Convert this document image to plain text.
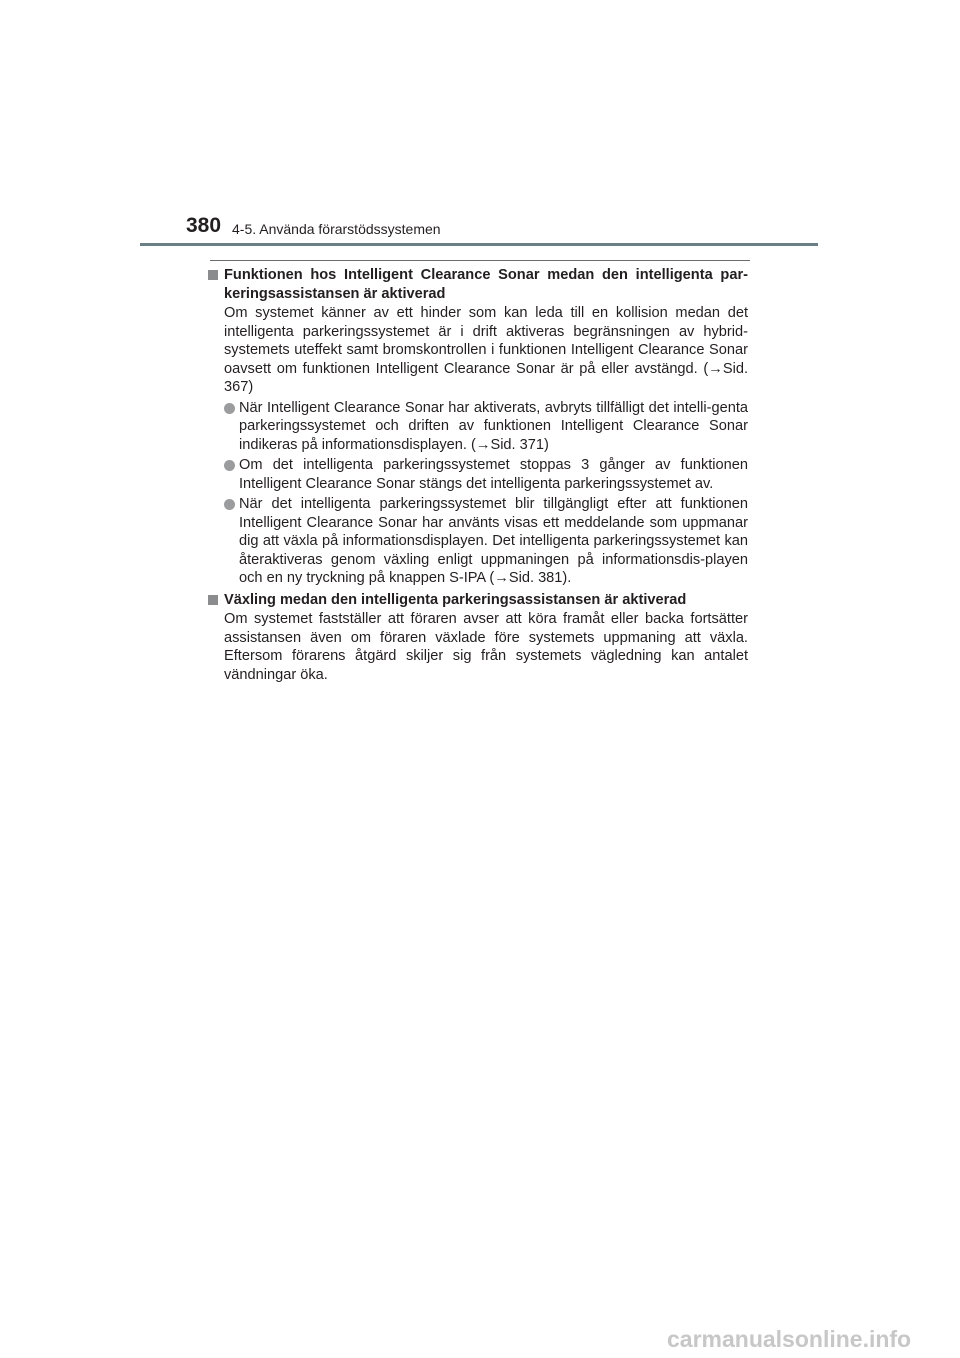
380 4-5. Använda förarstödssystemen
Funktionen hos Intelligent Clearance Sonar medan den intelligenta par-keringsassistansen är aktiverad
Om systemet känner av ett hinder som kan leda till en kollision medan det intelligenta parkeringssystemet är i drift aktiveras begränsningen av hybrid-systemets uteffekt samt bromskontrollen i funktionen Intelligent Clearance Sonar oavsett om funktionen Intelligent Clearance Sonar är på eller avstängd. (→Sid. 367)
När Intelligent Clearance Sonar har aktiverats, avbryts tillfälligt det intelli-genta parkeringssystemet och driften av funktionen Intelligent Clearance Sonar indikeras på informationsdisplayen. (→Sid. 371)
Om det intelligenta parkeringssystemet stoppas 3 gånger av funktionen Intelligent Clearance Sonar stängs det intelligenta parkeringssystemet av.
När det intelligenta parkeringssystemet blir tillgängligt efter att funktionen Intelligent Clearance Sonar har använts visas ett meddelande som uppmanar dig att växla på informationsdisplayen. Det intelligenta parkeringssystemet kan återaktiveras genom växling enligt uppmaningen på informationsdis-playen och en ny tryckning på knappen S-IPA (→Sid. 381).
Växling medan den intelligenta parkeringsassistansen är aktiverad
Om systemet fastställer att föraren avser att köra framåt eller backa fortsätter assistansen även om föraren växlade före systemets uppmaning att växla. Eftersom förarens åtgärd skiljer sig från systemets vägledning kan antalet vändningar öka.
carmanualsonline.info
